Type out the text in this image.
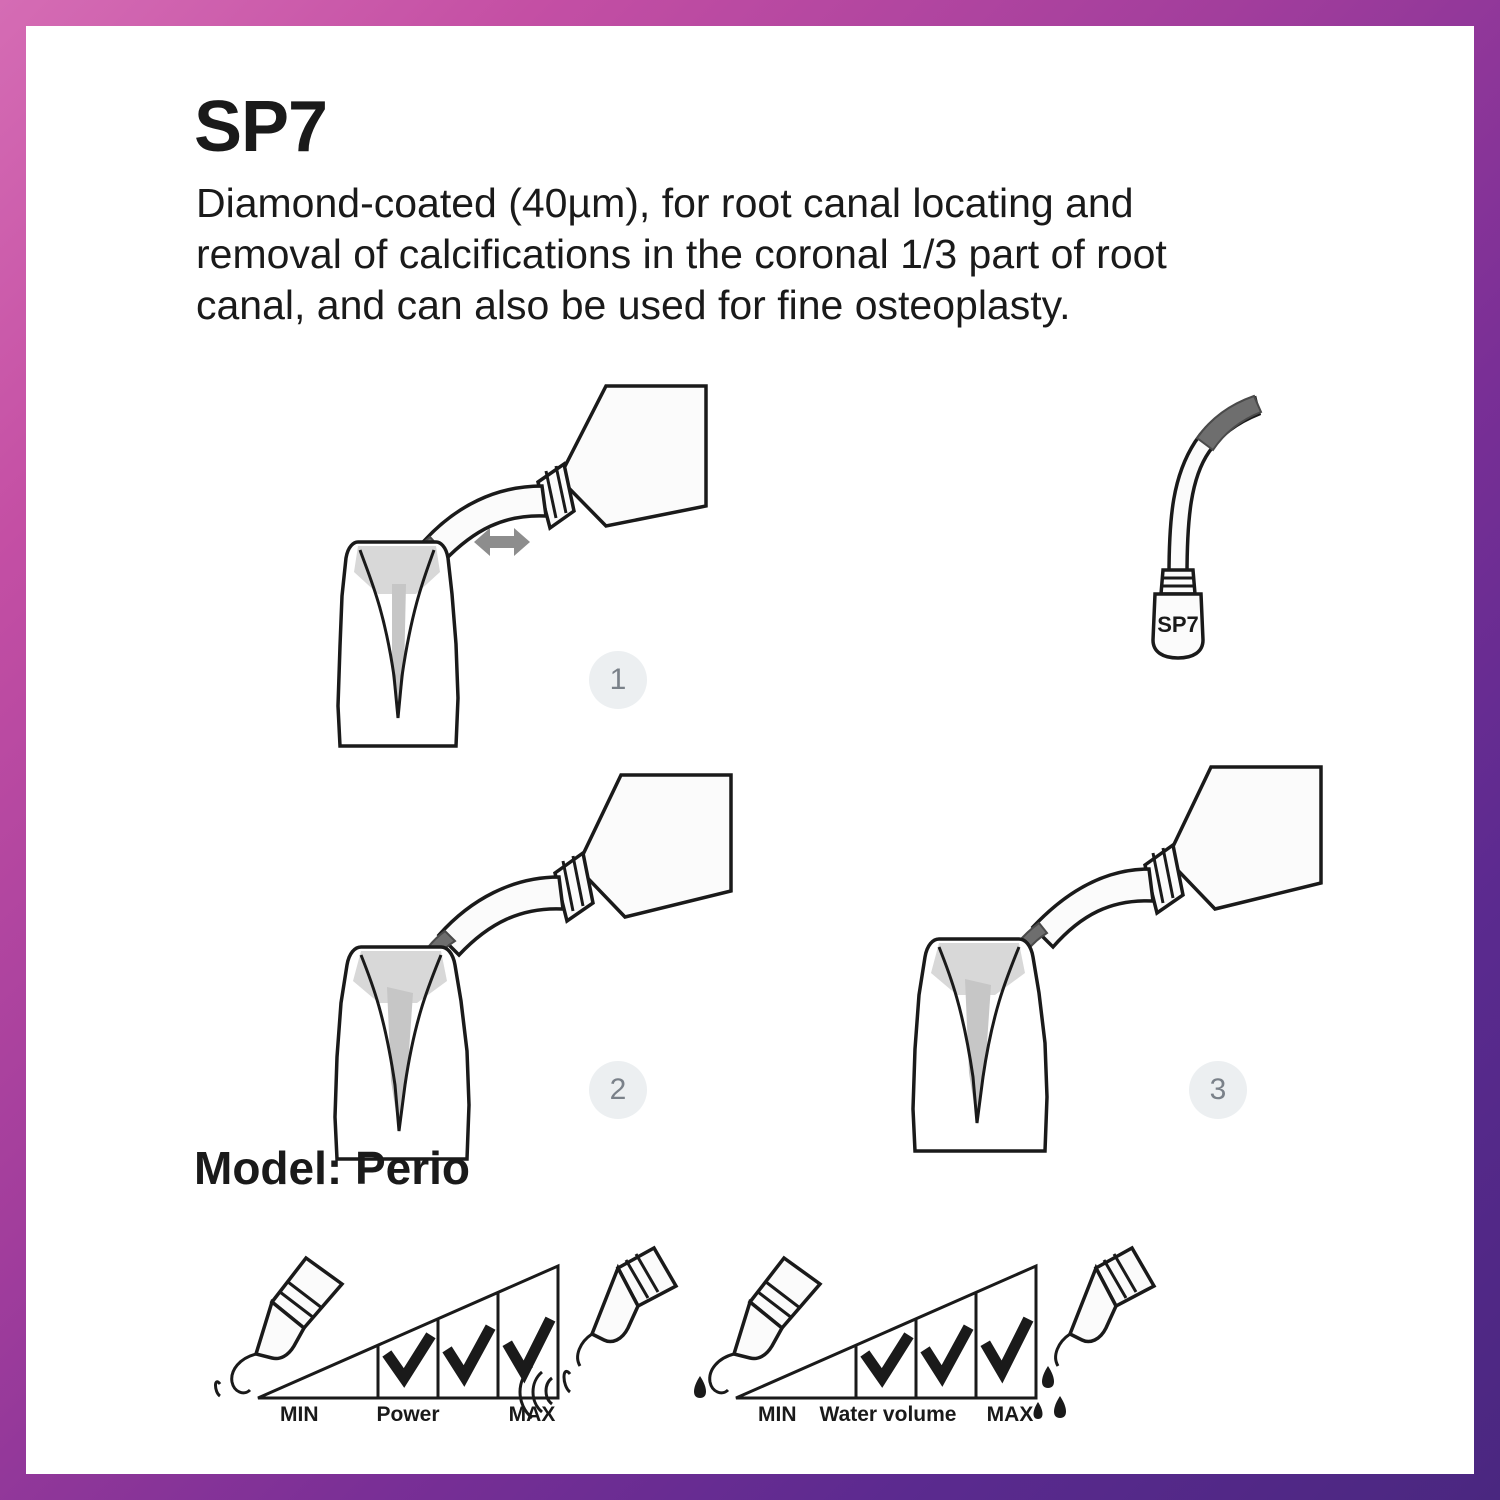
SP7
Diamond-coated (40µm), for root canal locating and removal of calcifications in the coronal 1/3 part of root canal, and can also be used for fine osteoplasty.
SP7
1
2	3
Model: Perio
MIN	Power	MAX	MIN Water volume MAX
